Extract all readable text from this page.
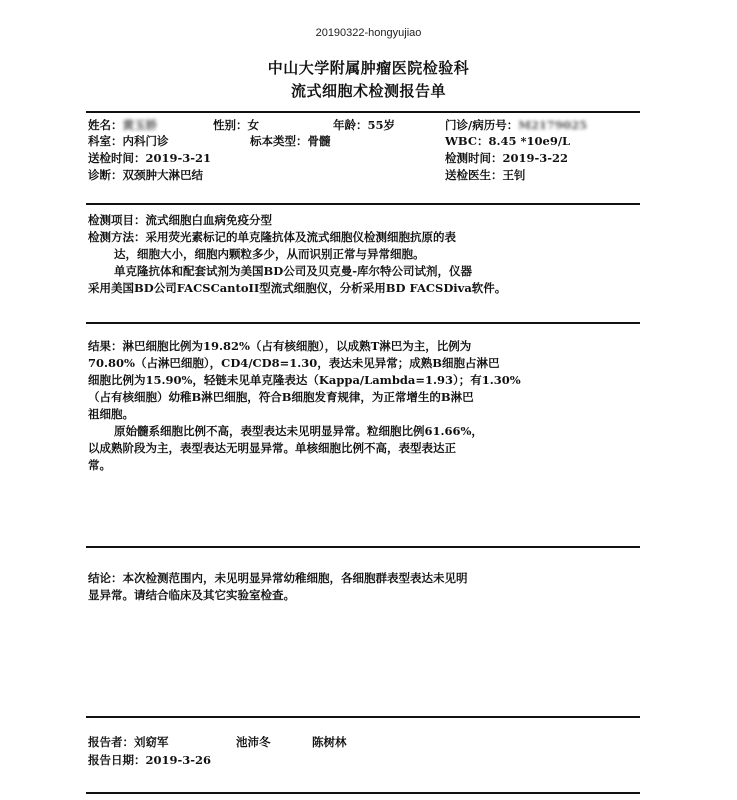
20190322-hongyujiao
中山大学附属肿瘤医院检验科
流式细胞术检测报告单
姓名：黄玉娇	性别：女	年龄：55岁	门诊/病历号：M2179025
科室：内科门诊	标本类型：骨髓	WBC：8.45 *10e9/L
送检时间：2019-3-21	检测时间：2019-3-22
诊断：双颈肿大淋巴结	送检医生：王钊
检测项目：流式细胞白血病免疫分型
检测方法：采用荧光素标记的单克隆抗体及流式细胞仪检测细胞抗原的表
达，细胞大小，细胞内颗粒多少，从而识别正常与异常细胞。
单克隆抗体和配套试剂为美国BD公司及贝克曼-库尔特公司试剂，仪器
采用美国BD公司FACSCantoII型流式细胞仪，分析采用BD FACSDiva软件。
结果：淋巴细胞比例为19.82%（占有核细胞），以成熟T淋巴为主，比例为
70.80%（占淋巴细胞），CD4/CD8=1.30，表达未见异常；成熟B细胞占淋巴
细胞比例为15.90%，轻链未见单克隆表达（Kappa/Lambda=1.93）；有1.30%
（占有核细胞）幼稚B淋巴细胞，符合B细胞发育规律，为正常增生的B淋巴
祖细胞。
原始髓系细胞比例不高，表型表达未见明显异常。粒细胞比例61.66%，
以成熟阶段为主，表型表达无明显异常。单核细胞比例不高，表型表达正
常。
结论：本次检测范围内，未见明显异常幼稚细胞，各细胞群表型表达未见明
显异常。请结合临床及其它实验室检查。
报告者：刘窈军	池沛冬	陈树林
报告日期：2019-3-26
